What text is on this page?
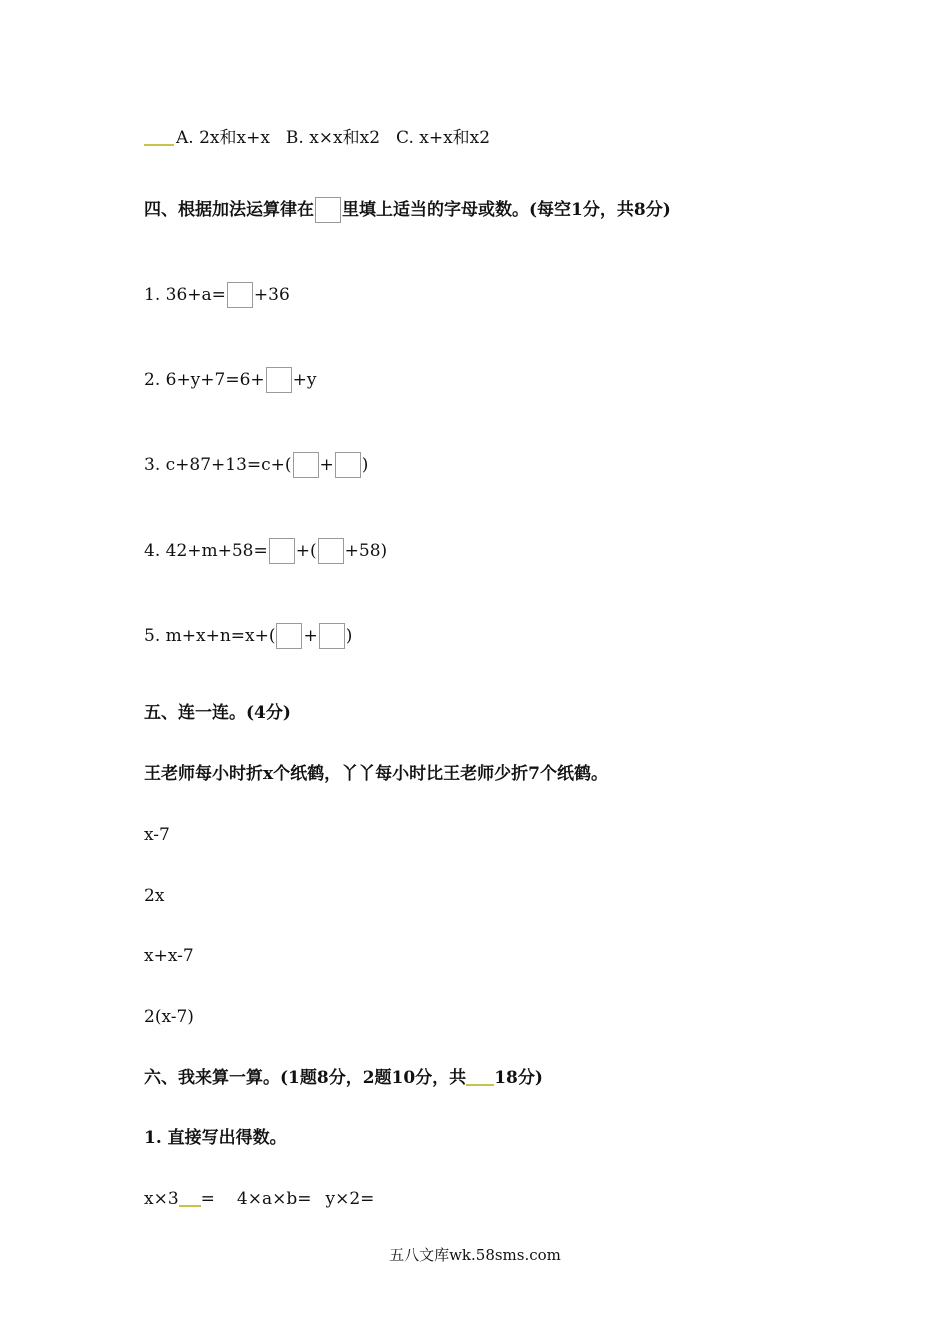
A. 2x和x+x B. x×x和x2 C. x+x和x2
四、根据加法运算律在 里填上适当的字母或数。(每空1分，共8分)
1. 36+a= +36
2. 6+y+7=6+ +y
3. c+87+13=c+( + )
4. 42+m+58= +( +58)
5. m+x+n=x+( + )
五、连一连。(4分)
王老师每小时折x个纸鹤，丫丫每小时比王老师少折7个纸鹤。
x-7
2x
x+x-7
2(x-7)
六、我来算一算。(1题8分，2题10分，共 18分)
1. 直接写出得数。
x×3 = 4×a×b= y×2=
五八文库wk.58sms.com
